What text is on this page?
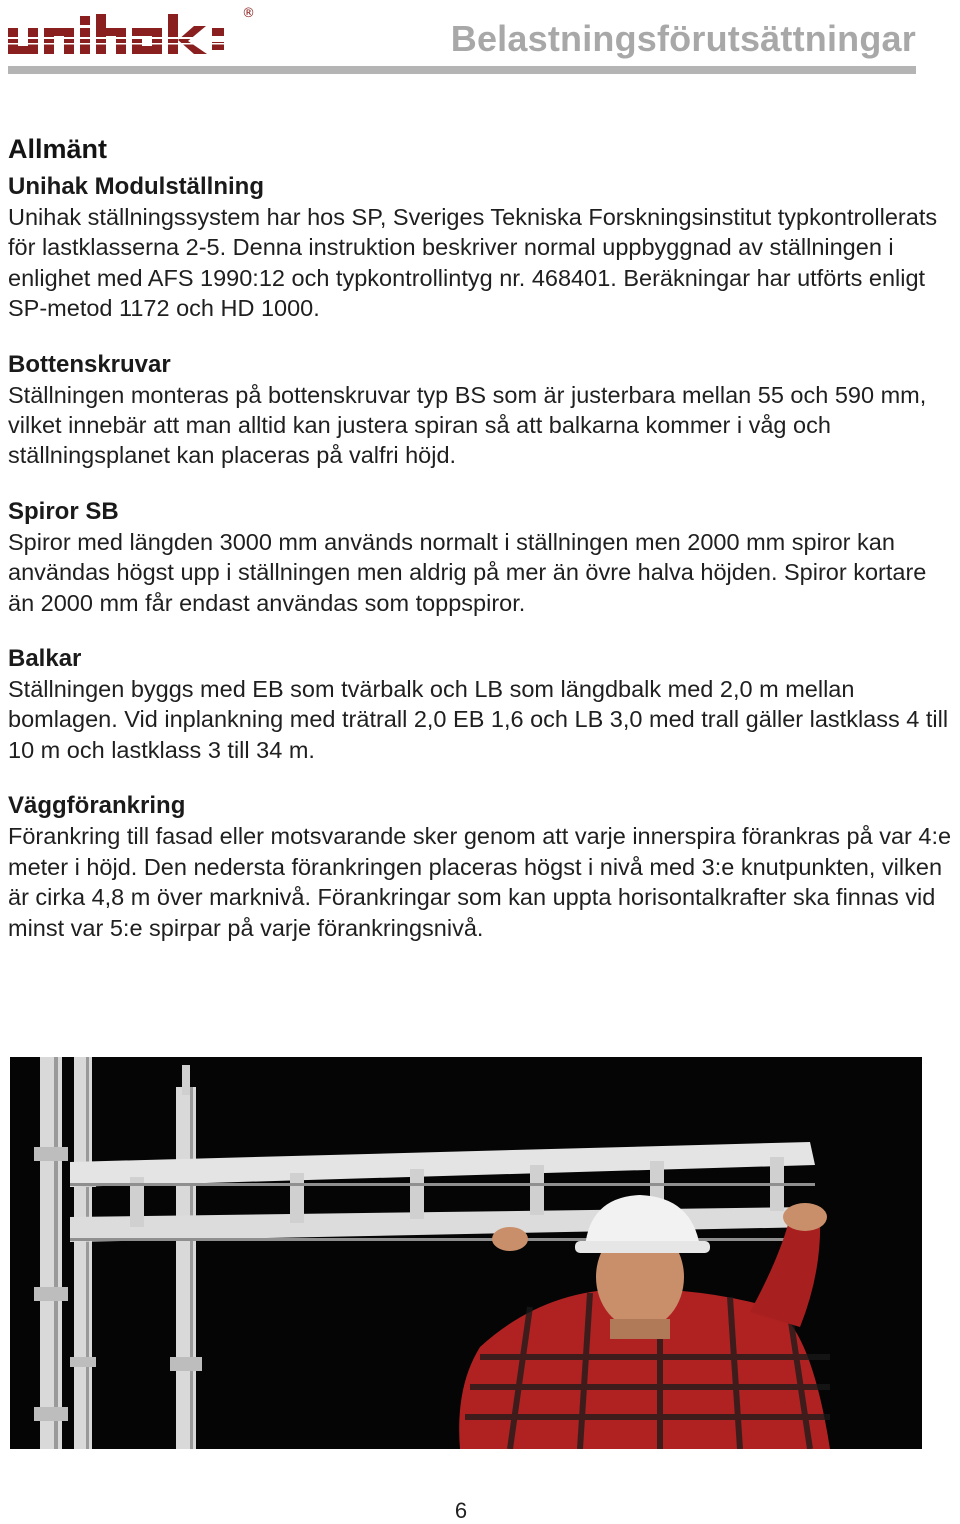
®
Belastningsförutsättningar
Allmänt
Unihak Modulställning

Unihak ställningssystem har hos SP, Sveriges Tekniska Forskningsinstitut typkontrollerats för lastklasserna 2-5. Denna instruktion beskriver normal uppbyggnad av ställningen i enlighet med AFS 1990:12 och typkontrollintyg nr. 468401. Beräkningar har utförts enligt SP-metod 1172 och HD 1000.

Bottenskruvar

Ställningen monteras på bottenskruvar typ BS som är justerbara mellan 55 och 590 mm, vilket innebär att man alltid kan justera spiran så att balkarna kommer i våg och ställningsplanet kan placeras på valfri höjd.

Spiror SB

Spiror med längden 3000 mm används normalt i ställningen men 2000 mm spiror kan användas högst upp i ställningen men aldrig på mer än övre halva höjden. Spiror kortare än 2000 mm får endast användas som toppspiror.

Balkar

Ställningen byggs med EB som tvärbalk och LB som längdbalk med 2,0 m mellan bomlagen. Vid inplankning med trätrall 2,0 EB 1,6 och LB 3,0 med trall gäller lastklass 4 till 10 m och lastklass 3 till 34 m.

Väggförankring

Förankring till fasad eller motsvarande sker genom att varje innerspira förankras på var 4:e meter i höjd. Den nedersta förankringen placeras högst i nivå med 3:e knutpunkten, vilken är cirka 4,8 m över marknivå. Förankringar som kan uppta horisontalkrafter ska finnas vid minst var 5:e spirpar på varje förankringsnivå.

6
